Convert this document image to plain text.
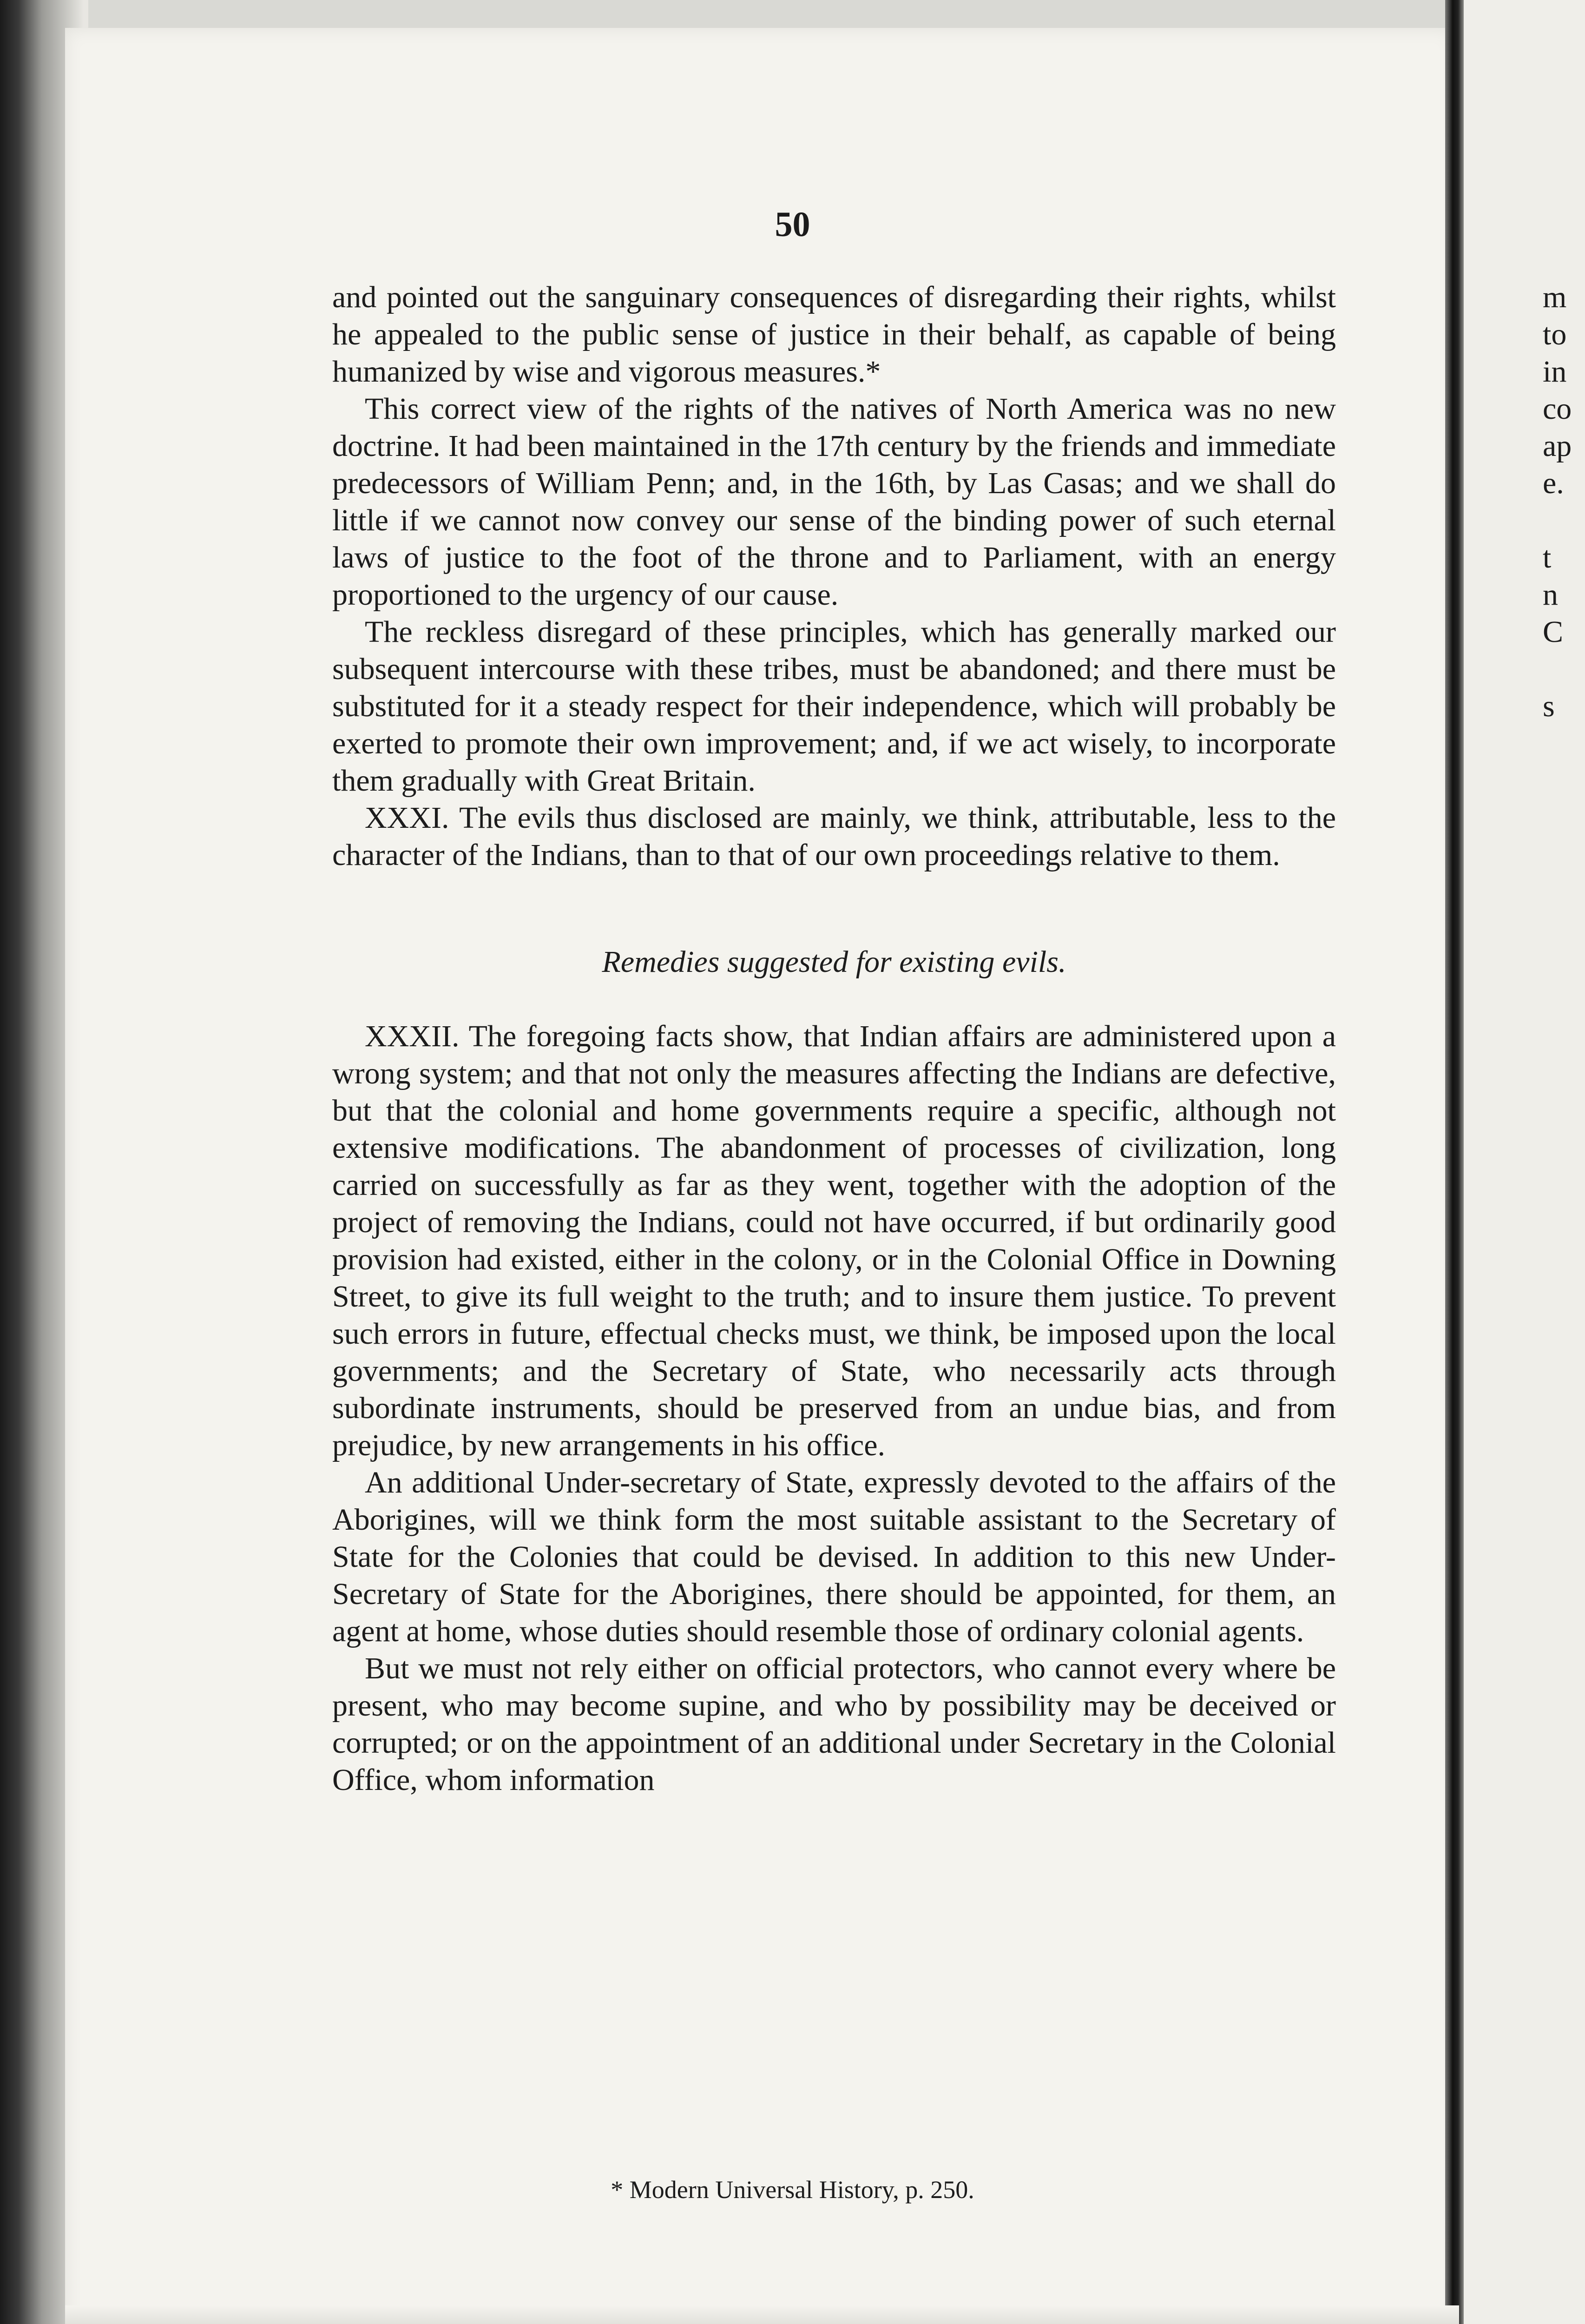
50

and pointed out the sanguinary consequences of disregarding their rights, whilst he appealed to the public sense of justice in their behalf, as capable of being humanized by wise and vigorous measures.*

This correct view of the rights of the natives of North America was no new doctrine. It had been maintained in the 17th century by the friends and immediate predecessors of William Penn; and, in the 16th, by Las Casas; and we shall do little if we cannot now convey our sense of the binding power of such eternal laws of justice to the foot of the throne and to Parliament, with an energy proportioned to the urgency of our cause.

The reckless disregard of these principles, which has generally marked our subsequent intercourse with these tribes, must be abandoned; and there must be substituted for it a steady respect for their independence, which will probably be exerted to promote their own improvement; and, if we act wisely, to incorporate them gradually with Great Britain.

XXXI. The evils thus disclosed are mainly, we think, attributable, less to the character of the Indians, than to that of our own proceedings relative to them.

Remedies suggested for existing evils.

XXXII. The foregoing facts show, that Indian affairs are administered upon a wrong system; and that not only the measures affecting the Indians are defective, but that the colonial and home governments require a specific, although not extensive modifications. The abandonment of processes of civilization, long carried on successfully as far as they went, together with the adoption of the project of removing the Indians, could not have occurred, if but ordinarily good provision had existed, either in the colony, or in the Colonial Office in Downing Street, to give its full weight to the truth; and to insure them justice. To prevent such errors in future, effectual checks must, we think, be imposed upon the local governments; and the Secretary of State, who necessarily acts through subordinate instruments, should be preserved from an undue bias, and from prejudice, by new arrangements in his office.

An additional Under-secretary of State, expressly devoted to the affairs of the Aborigines, will we think form the most suitable assistant to the Secretary of State for the Colonies that could be devised. In addition to this new Under-Secretary of State for the Aborigines, there should be appointed, for them, an agent at home, whose duties should resemble those of ordinary colonial agents.

But we must not rely either on official protectors, who cannot every where be present, who may become supine, and who by possibility may be deceived or corrupted; or on the appointment of an additional under Secretary in the Colonial Office, whom information

* Modern Universal History, p. 250.
m
to
in
co
ap
e.
t
n
C
s
